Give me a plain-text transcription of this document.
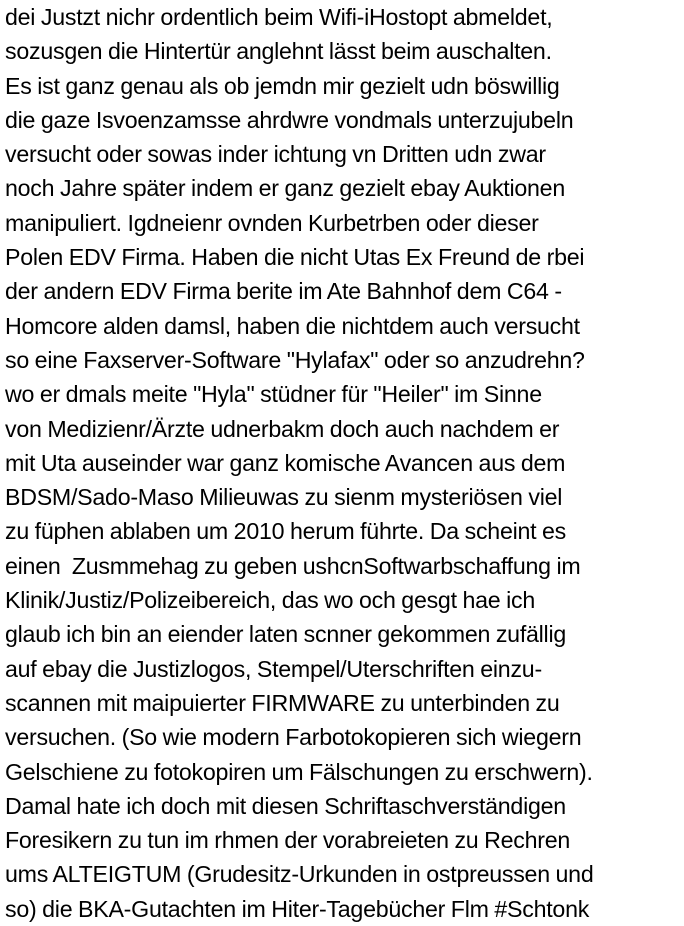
dei Justzt nichr ordentlich beim Wifi-iHostopt abmeldet,
sozusgen die Hintertür anglehnt lässt beim auschalten.
Es ist ganz genau als ob jemdn mir gezielt udn böswillig
die gaze Isvoenzamsse ahrdwre vondmals unterzujubeln
versucht oder sowas inder ichtung vn Dritten udn zwar
noch Jahre später indem er ganz gezielt ebay Auktionen
manipuliert. Igdneienr ovnden Kurbetrben oder dieser
Polen EDV Firma. Haben die nicht Utas Ex Freund de rbei
der andern EDV Firma berite im Ate Bahnhof dem C64 -
Homcore alden damsl, haben die nichtdem auch versucht
so eine Faxserver-Software "Hylafax" oder so anzudrehn?
wo er dmals meite "Hyla" stüdner für "Heiler" im Sinne
von Medizienr/Ärzte udnerbakm doch auch nachdem er
mit Uta auseinder war ganz komische Avancen aus dem
BDSM/Sado-Maso Milieuwas zu sienm mysteriösen viel
zu füphen ablaben um 2010 herum führte. Da scheint es
einen  Zusmmehag zu geben ushcnSoftwarbschaffung im
Klinik/Justiz/Polizeibereich, das wo och gesgt hae ich
glaub ich bin an eiender laten scnner gekommen zufällig
auf ebay die Justizlogos, Stempel/Uterschriften einzu-
scannen mit maipuierter FIRMWARE zu unterbinden zu
versuchen. (So wie modern Farbotokopieren sich wiegern
Gelschiene zu fotokopiren um Fälschungen zu erschwern).
Damal hate ich doch mit diesen Schriftaschverständigen
Foresikern zu tun im rhmen der vorabreieten zu Rechren
ums ALTEIGTUM (Grudesitz-Urkunden in ostpreussen und
so) die BKA-Gutachten im Hiter-Tagebücher Flm #Schtonk
